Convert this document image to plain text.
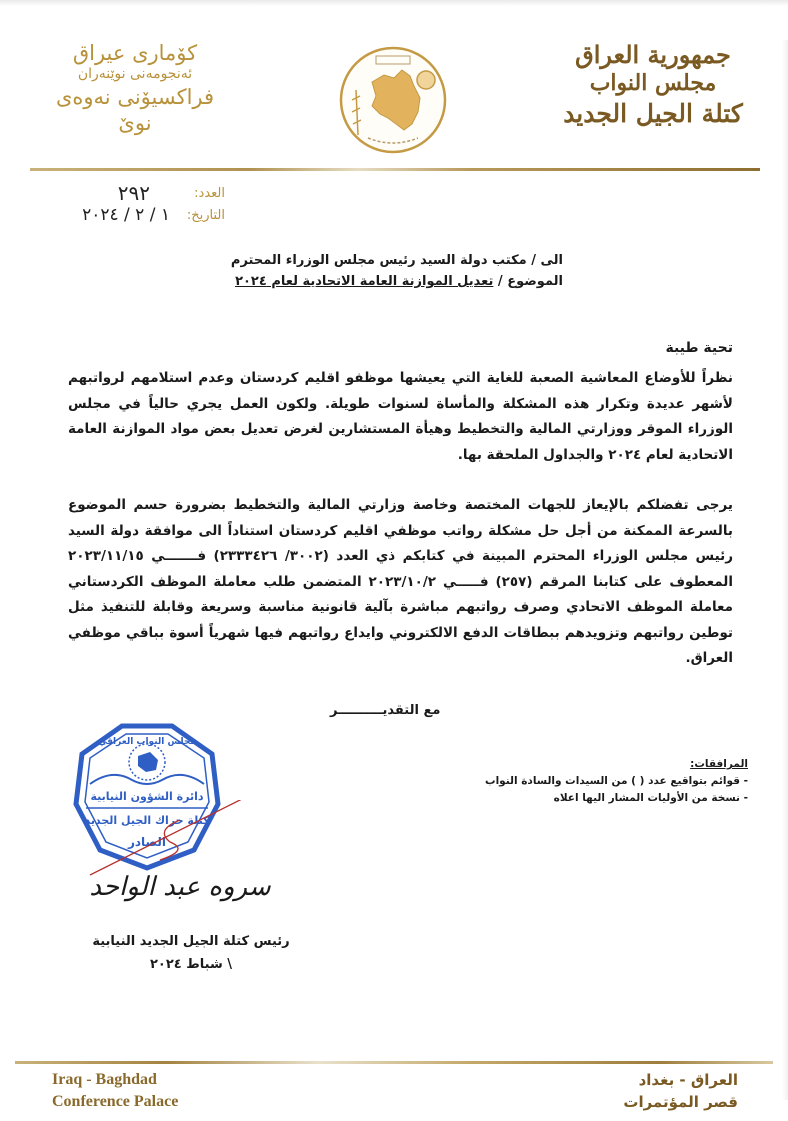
كۆماری عیراق
ئەنجومەنی نوێنەران
فراکسیۆنی نەوەی نوێ
جمهورية العراق
مجلس النواب
كتلة الجيل الجديد
العدد:
٢٩٢
التاريخ:
١ / ٢ / ٢٠٢٤
الى / مكتب دولة السيد رئيس مجلس الوزراء المحترم
الموضوع / تعديل الموازنة العامة الاتحادية لعام ٢٠٢٤
تحية طيبة
نظراً للأوضاع المعاشية الصعبة للغاية التي يعيشها موظفو اقليم كردستان وعدم استلامهم لرواتبهم لأشهر عديدة وتكرار هذه المشكلة والمأساة لسنوات طويلة. ولكون العمل يجري حالياً في مجلس الوزراء الموقر ووزارتي المالية والتخطيط وهيأة المستشارين لغرض تعديل بعض مواد الموازنة العامة الاتحادية لعام ٢٠٢٤ والجداول الملحقة بها.
يرجى تفضلكم بالإيعاز للجهات المختصة وخاصة وزارتي المالية والتخطيط بضرورة حسم الموضوع بالسرعة الممكنة من أجل حل مشكلة رواتب موظفي اقليم كردستان استناداً الى موافقة دولة السيد رئيس مجلس الوزراء المحترم المبينة في كتابكم ذي العدد (٣٠٠٢/ ٢٣٣٣٤٢٦) فـــــــي ٢٠٢٣/١١/١٥ المعطوف على كتابنا المرقم (٢٥٧) فـــــي ٢٠٢٣/١٠/٢ المتضمن طلب معاملة الموظف الكردستاني معاملة الموظف الاتحادي وصرف رواتبهم مباشرة بآلية قانونية مناسبة وسريعة وقابلة للتنفيذ مثل توطين رواتبهم وتزويدهم ببطاقات الدفع الالكتروني وايداع رواتبهم فيها شهرياً أسوة بباقي موظفي العراق.
مع التقديــــــــــر
المرافقات:
- قوائم بتواقيع عدد ( ) من السيدات والسادة النواب
- نسخة من الأوليات المشار اليها اعلاه
مجلس النواب العراقي
دائرة الشؤون النيابية
كتلة حراك الجيل الجديد
الصادر
سروه عبد الواحد
رئيس كتلة الجيل الجديد النيابية
\ شباط ٢٠٢٤
Iraq - Baghdad
Conference Palace
العراق - بغداد
قصر المؤتمرات
